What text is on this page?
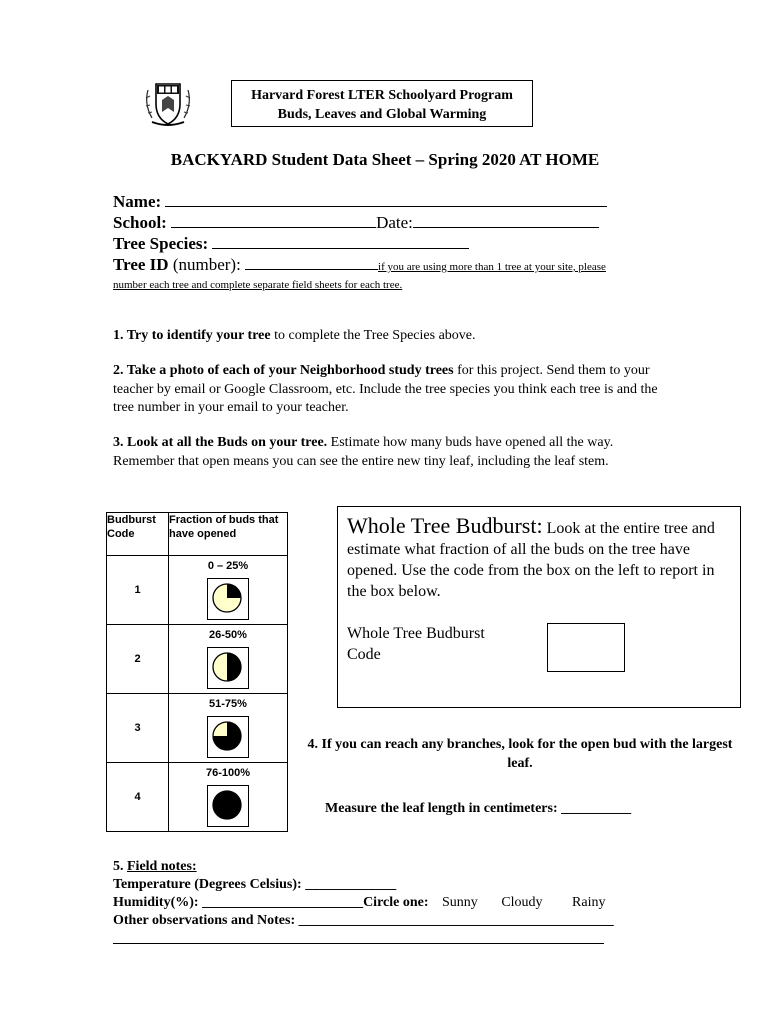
Harvard Forest LTER Schoolyard Program
Buds, Leaves and Global Warming
BACKYARD Student Data Sheet – Spring 2020 AT HOME
Name:
School:	Date:
Tree Species:
Tree ID (number):	if you are using more than 1 tree at your site, please
number each tree and complete separate field sheets for each tree.
1. Try to identify your tree to complete the Tree Species above.
2. Take a photo of each of your Neighborhood study trees for this project. Send them to your teacher by email or Google Classroom, etc. Include the tree species you think each tree is and the tree number in your email to your teacher.
3. Look at all the Buds on your tree. Estimate how many buds have opened all the way. Remember that open means you can see the entire new tiny leaf, including the leaf stem.
Budburst Code	Fraction of buds that have opened
1	0 – 25%

2	26-50%

3	51-75%

4	76-100%
Whole Tree Budburst: Look at the entire tree and estimate what fraction of all the buds on the tree have opened. Use the code from the box on the left to report in the box below.
Whole Tree Budburst Code
4. If you can reach any branches, look for the open bud with the largest leaf.
Measure the leaf length in centimeters: __________
5. Field notes:
Temperature (Degrees Celsius): _____________
Humidity(%): _______________________Circle one: Sunny Cloudy Rainy
Other observations and Notes: _____________________________________________
